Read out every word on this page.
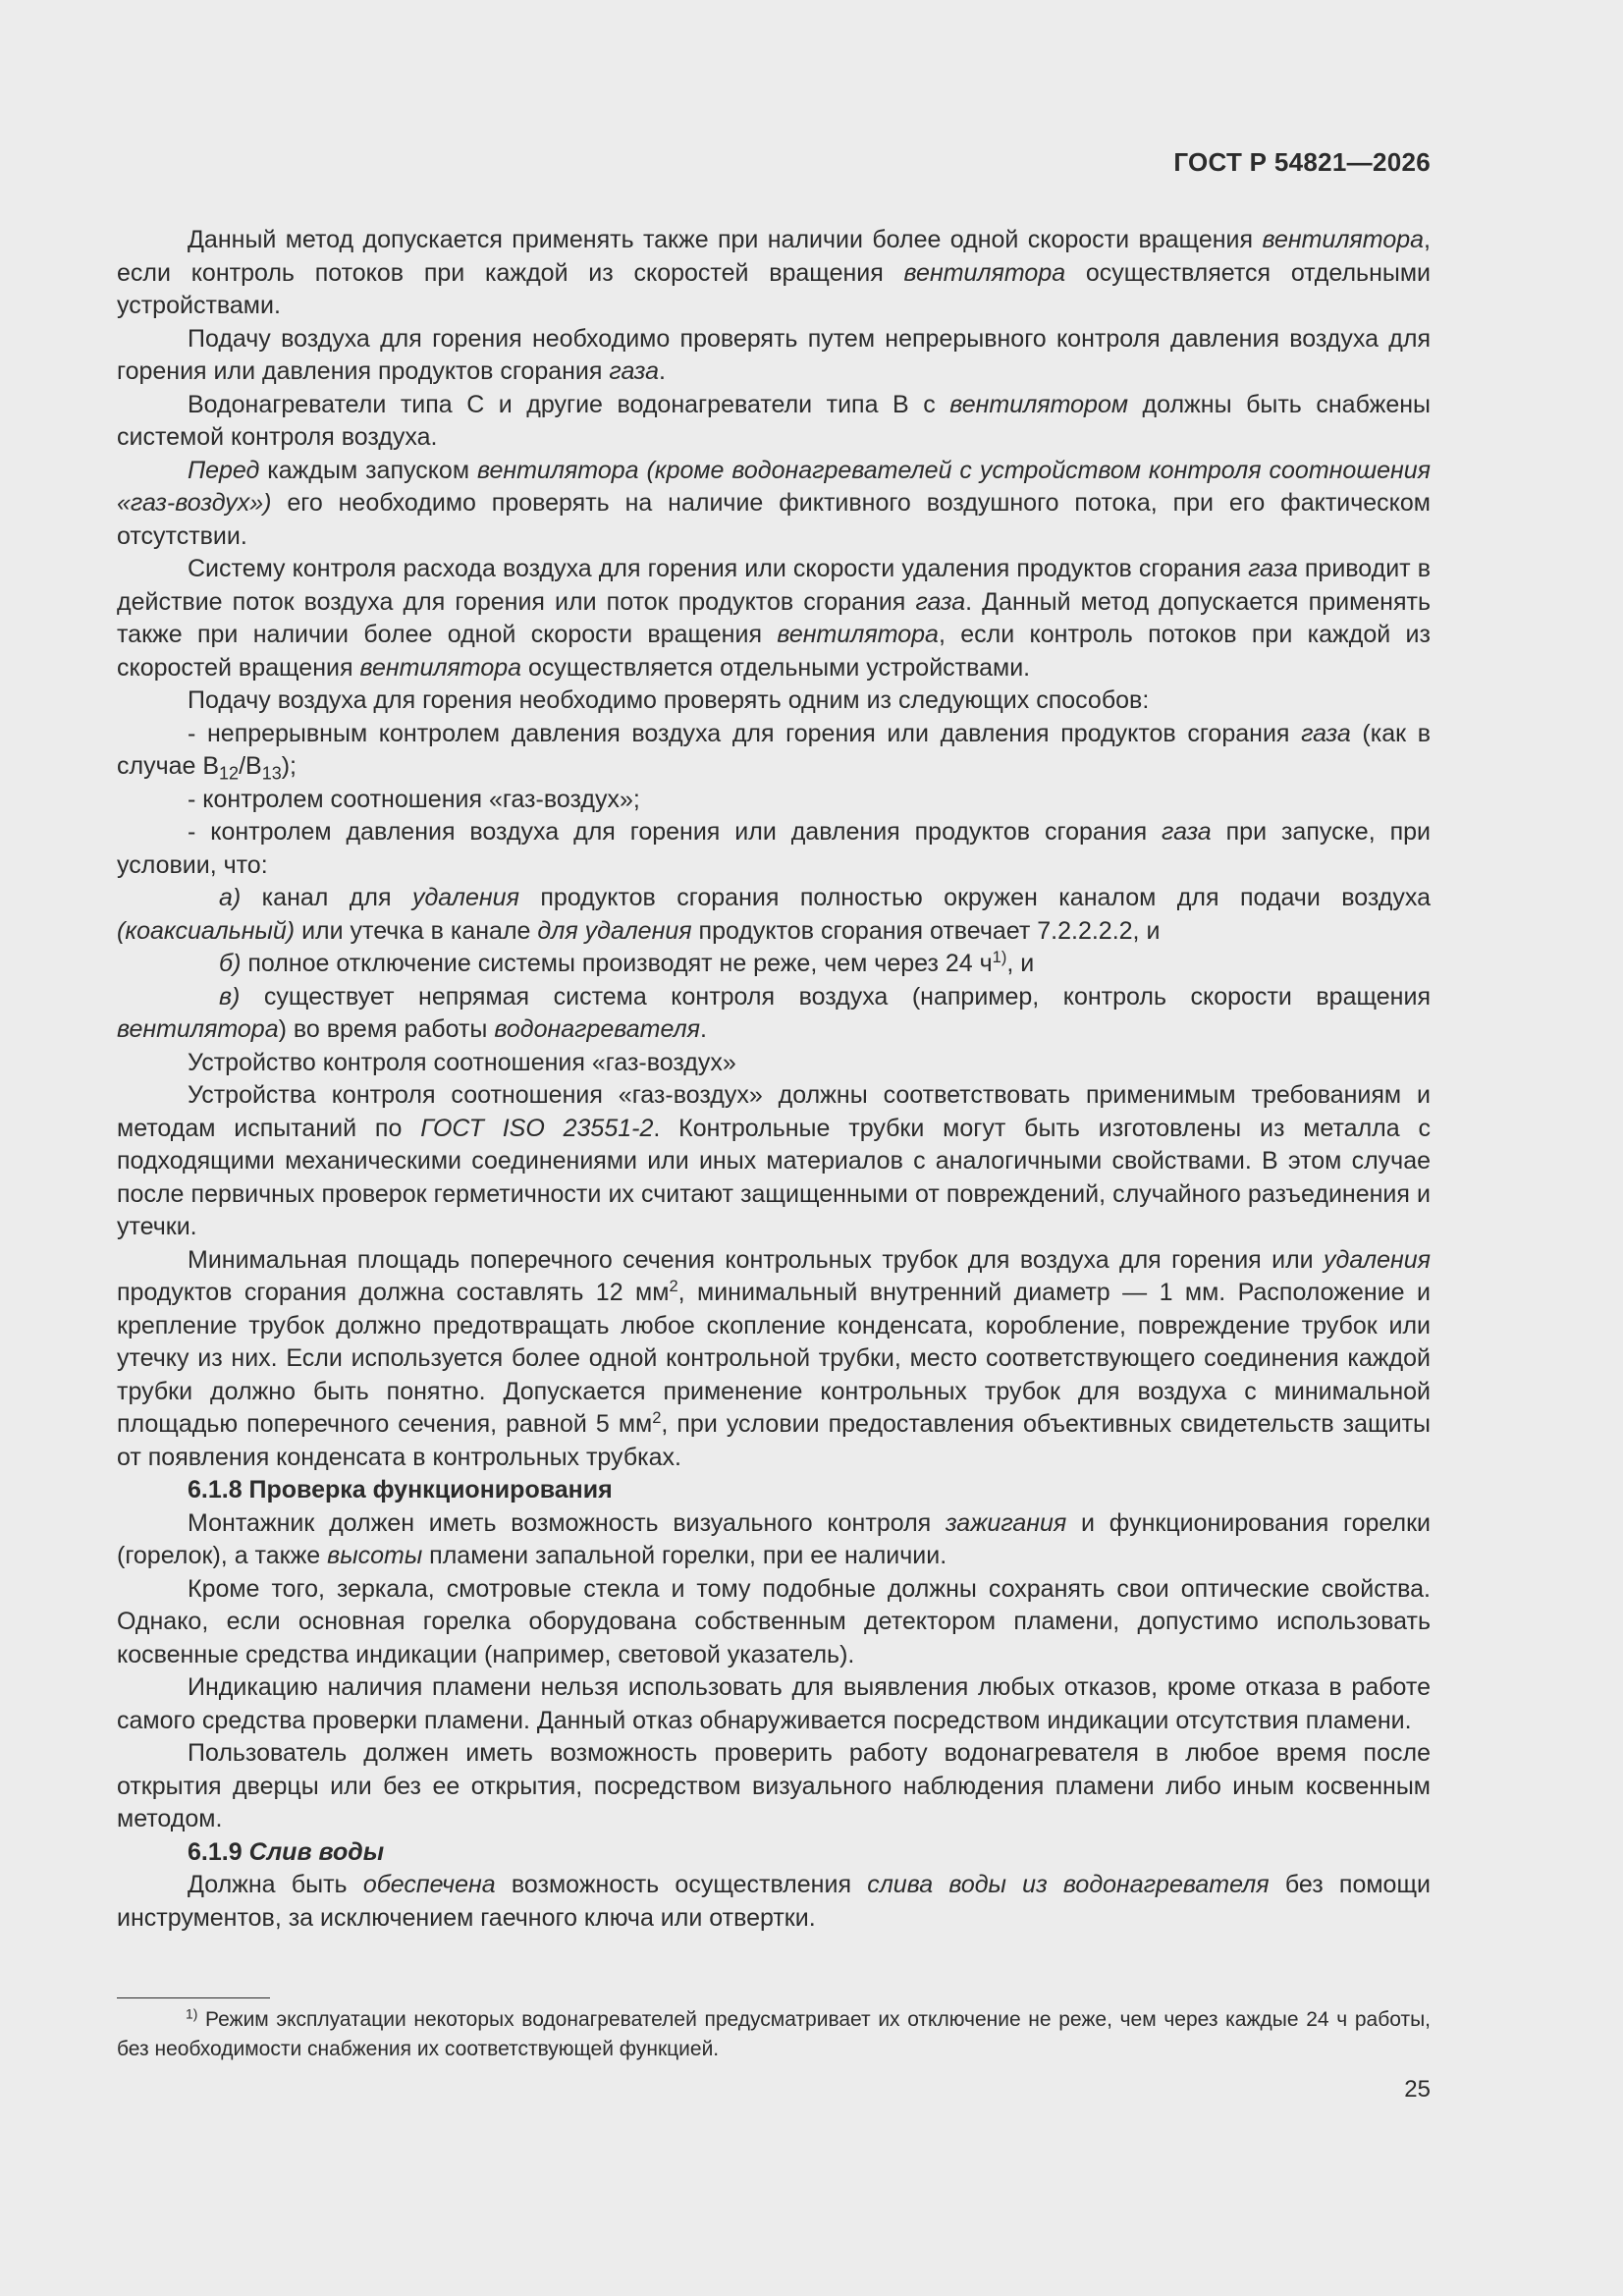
ГОСТ Р 54821—2026

Данный метод допускается применять также при наличии более одной скорости вращения вентилятора, если контроль потоков при каждой из скоростей вращения вентилятора осуществляется отдельными устройствами.

Подачу воздуха для горения необходимо проверять путем непрерывного контроля давления воздуха для горения или давления продуктов сгорания газа.

Водонагреватели типа С и другие водонагреватели типа В с вентилятором должны быть снабжены системой контроля воздуха.

Перед каждым запуском вентилятора (кроме водонагревателей с устройством контроля соотношения «газ-воздух») его необходимо проверять на наличие фиктивного воздушного потока, при его фактическом отсутствии.

Систему контроля расхода воздуха для горения или скорости удаления продуктов сгорания газа приводит в действие поток воздуха для горения или поток продуктов сгорания газа. Данный метод допускается применять также при наличии более одной скорости вращения вентилятора, если контроль потоков при каждой из скоростей вращения вентилятора осуществляется отдельными устройствами.

Подачу воздуха для горения необходимо проверять одним из следующих способов:

- непрерывным контролем давления воздуха для горения или давления продуктов сгорания газа (как в случае $В_{12}/В_{13}$);

- контролем соотношения «газ-воздух»;

- контролем давления воздуха для горения или давления продуктов сгорания газа при запуске, при условии, что:

а) канал для удаления продуктов сгорания полностью окружен каналом для подачи воздуха (коаксиальный) или утечка в канале для удаления продуктов сгорания отвечает 7.2.2.2.2, и

б) полное отключение системы производят не реже, чем через 24 $ч^{1)}$, и

в) существует непрямая система контроля воздуха (например, контроль скорости вращения вентилятора) во время работы водонагревателя.

Устройство контроля соотношения «газ-воздух»

Устройства контроля соотношения «газ-воздух» должны соответствовать применимым требованиям и методам испытаний по ГОСТ ISO 23551-2. Контрольные трубки могут быть изготовлены из металла с подходящими механическими соединениями или иных материалов с аналогичными свойствами. В этом случае после первичных проверок герметичности их считают защищенными от повреждений, случайного разъединения и утечки.

Минимальная площадь поперечного сечения контрольных трубок для воздуха для горения или удаления продуктов сгорания должна составлять 12 $мм^2$, минимальный внутренний диаметр — 1 мм. Расположение и крепление трубок должно предотвращать любое скопление конденсата, коробление, повреждение трубок или утечку из них. Если используется более одной контрольной трубки, место соответствующего соединения каждой трубки должно быть понятно. Допускается применение контрольных трубок для воздуха с минимальной площадью поперечного сечения, равной 5 $мм^2$, при условии предоставления объективных свидетельств защиты от появления конденсата в контрольных трубках.

6.1.8 Проверка функционирования

Монтажник должен иметь возможность визуального контроля зажигания и функционирования горелки (горелок), а также высоты пламени запальной горелки, при ее наличии.

Кроме того, зеркала, смотровые стекла и тому подобные должны сохранять свои оптические свойства. Однако, если основная горелка оборудована собственным детектором пламени, допустимо использовать косвенные средства индикации (например, световой указатель).

Индикацию наличия пламени нельзя использовать для выявления любых отказов, кроме отказа в работе самого средства проверки пламени. Данный отказ обнаруживается посредством индикации отсутствия пламени.

Пользователь должен иметь возможность проверить работу водонагревателя в любое время после открытия дверцы или без ее открытия, посредством визуального наблюдения пламени либо иным косвенным методом.

6.1.9 Слив воды

Должна быть обеспечена возможность осуществления слива воды из водонагревателя без помощи инструментов, за исключением гаечного ключа или отвертки.

$^{1)}$ Режим эксплуатации некоторых водонагревателей предусматривает их отключение не реже, чем через каждые 24 ч работы, без необходимости снабжения их соответствующей функцией.
25
